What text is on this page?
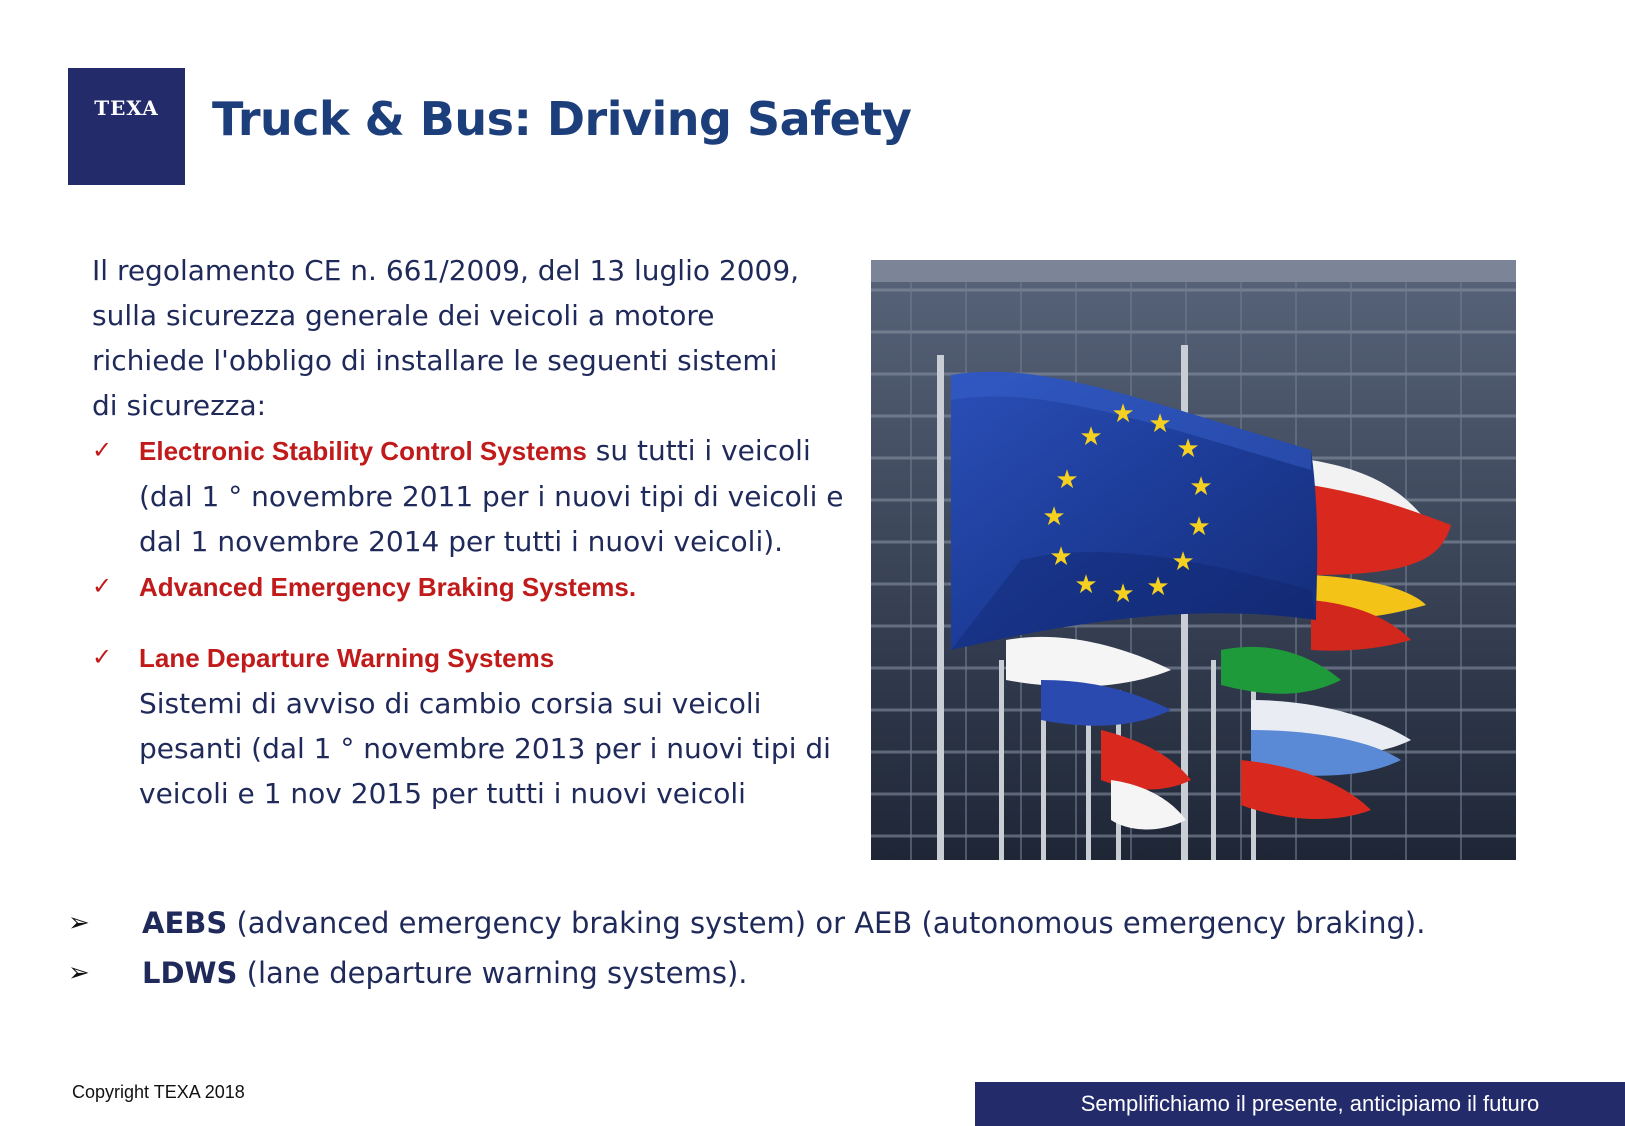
TEXA	Truck & Bus: Driving Safety

Il regolamento CE n. 661/2009, del 13 luglio 2009,
sulla sicurezza generale dei veicoli a motore
richiede l'obbligo di installare le seguenti sistemi
di sicurezza:

✓ Electronic Stability Control Systems su tutti i veicoli (dal 1 ° novembre 2011 per i nuovi tipi di veicoli e dal 1 novembre 2014 per tutti i nuovi veicoli).
✓ Advanced Emergency Braking Systems.
✓ Lane Departure Warning Systems
Sistemi di avviso di cambio corsia sui veicoli pesanti (dal 1 ° novembre 2013 per i nuovi tipi di veicoli e 1 nov 2015 per tutti i nuovi veicoli
★ ★
★
★
★
★
★
★
★
★
★
★
★
➢ AEBS (advanced emergency braking system) or AEB (autonomous emergency braking).
➢ LDWS (lane departure warning systems).
Copyright TEXA 2018	Semplifichiamo il presente, anticipiamo il futuro
